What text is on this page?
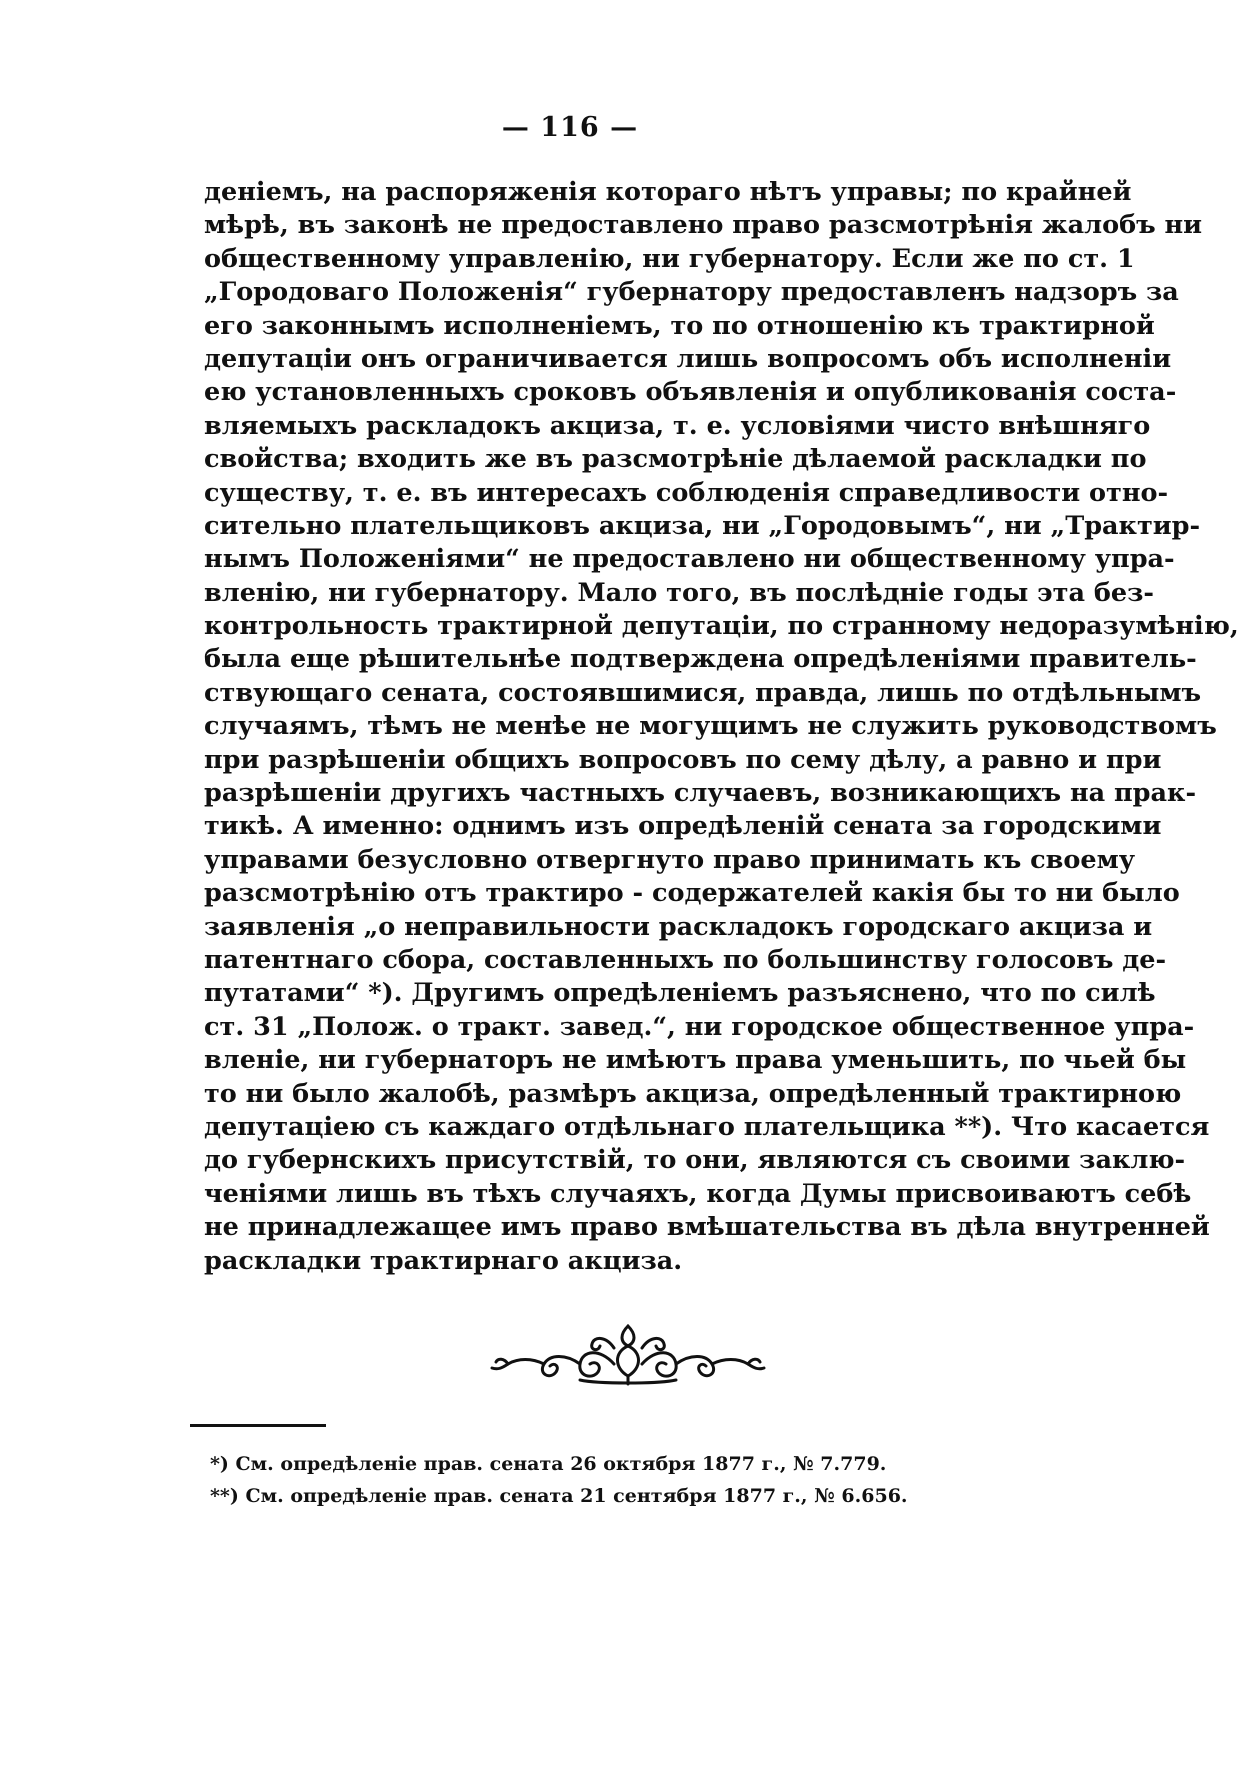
— 116 —
деніемъ, на распоряженія котораго нѣтъ управы; по крайней
мѣрѣ, въ законѣ не предоставлено право разсмотрѣнія жалобъ ни
общественному управленію, ни губернатору. Если же по ст. 1
„Городоваго Положенія“ губернатору предоставленъ надзоръ за
его законнымъ исполненіемъ, то по отношенію къ трактирной
депутаціи онъ ограничивается лишь вопросомъ объ исполненіи
ею установленныхъ сроковъ объявленія и опубликованія соста-
вляемыхъ раскладокъ акциза, т. е. условіями чисто внѣшняго
свойства; входить же въ разсмотрѣніе дѣлаемой раскладки по
существу, т. е. въ интересахъ соблюденія справедливости отно-
сительно плательщиковъ акциза, ни „Городовымъ“, ни „Трактир-
нымъ Положеніями“ не предоставлено ни общественному упра-
вленію, ни губернатору. Мало того, въ послѣдніе годы эта без-
контрольность трактирной депутаціи, по странному недоразумѣнію,
была еще рѣшительнѣе подтверждена опредѣленіями правитель-
ствующаго сената, состоявшимися, правда, лишь по отдѣльнымъ
случаямъ, тѣмъ не менѣе не могущимъ не служить руководствомъ
при разрѣшеніи общихъ вопросовъ по сему дѣлу, а равно и при
разрѣшеніи другихъ частныхъ случаевъ, возникающихъ на прак-
тикѣ. А именно: однимъ изъ опредѣленій сената за городскими
управами безусловно отвергнуто право принимать къ своему
разсмотрѣнію отъ трактиро - содержателей какія бы то ни было
заявленія „о неправильности раскладокъ городскаго акциза и
патентнаго сбора, составленныхъ по большинству голосовъ де-
путатами“ *). Другимъ опредѣленіемъ разъяснено, что по силѣ
ст. 31 „Полож. о тракт. завед.“, ни городское общественное упра-
вленіе, ни губернаторъ не имѣютъ права уменьшить, по чьей бы
то ни было жалобѣ, размѣръ акциза, опредѣленный трактирною
депутаціею съ каждаго отдѣльнаго плательщика **). Что касается
до губернскихъ присутствій, то они, являются съ своими заклю-
ченіями лишь въ тѣхъ случаяхъ, когда Думы присвоиваютъ себѣ
не принадлежащее имъ право вмѣшательства въ дѣла внутренней
раскладки трактирнаго акциза.
*) См. опредѣленіе прав. сената 26 октября 1877 г., № 7.779.
**) См. опредѣленіе прав. сената 21 сентября 1877 г., № 6.656.
